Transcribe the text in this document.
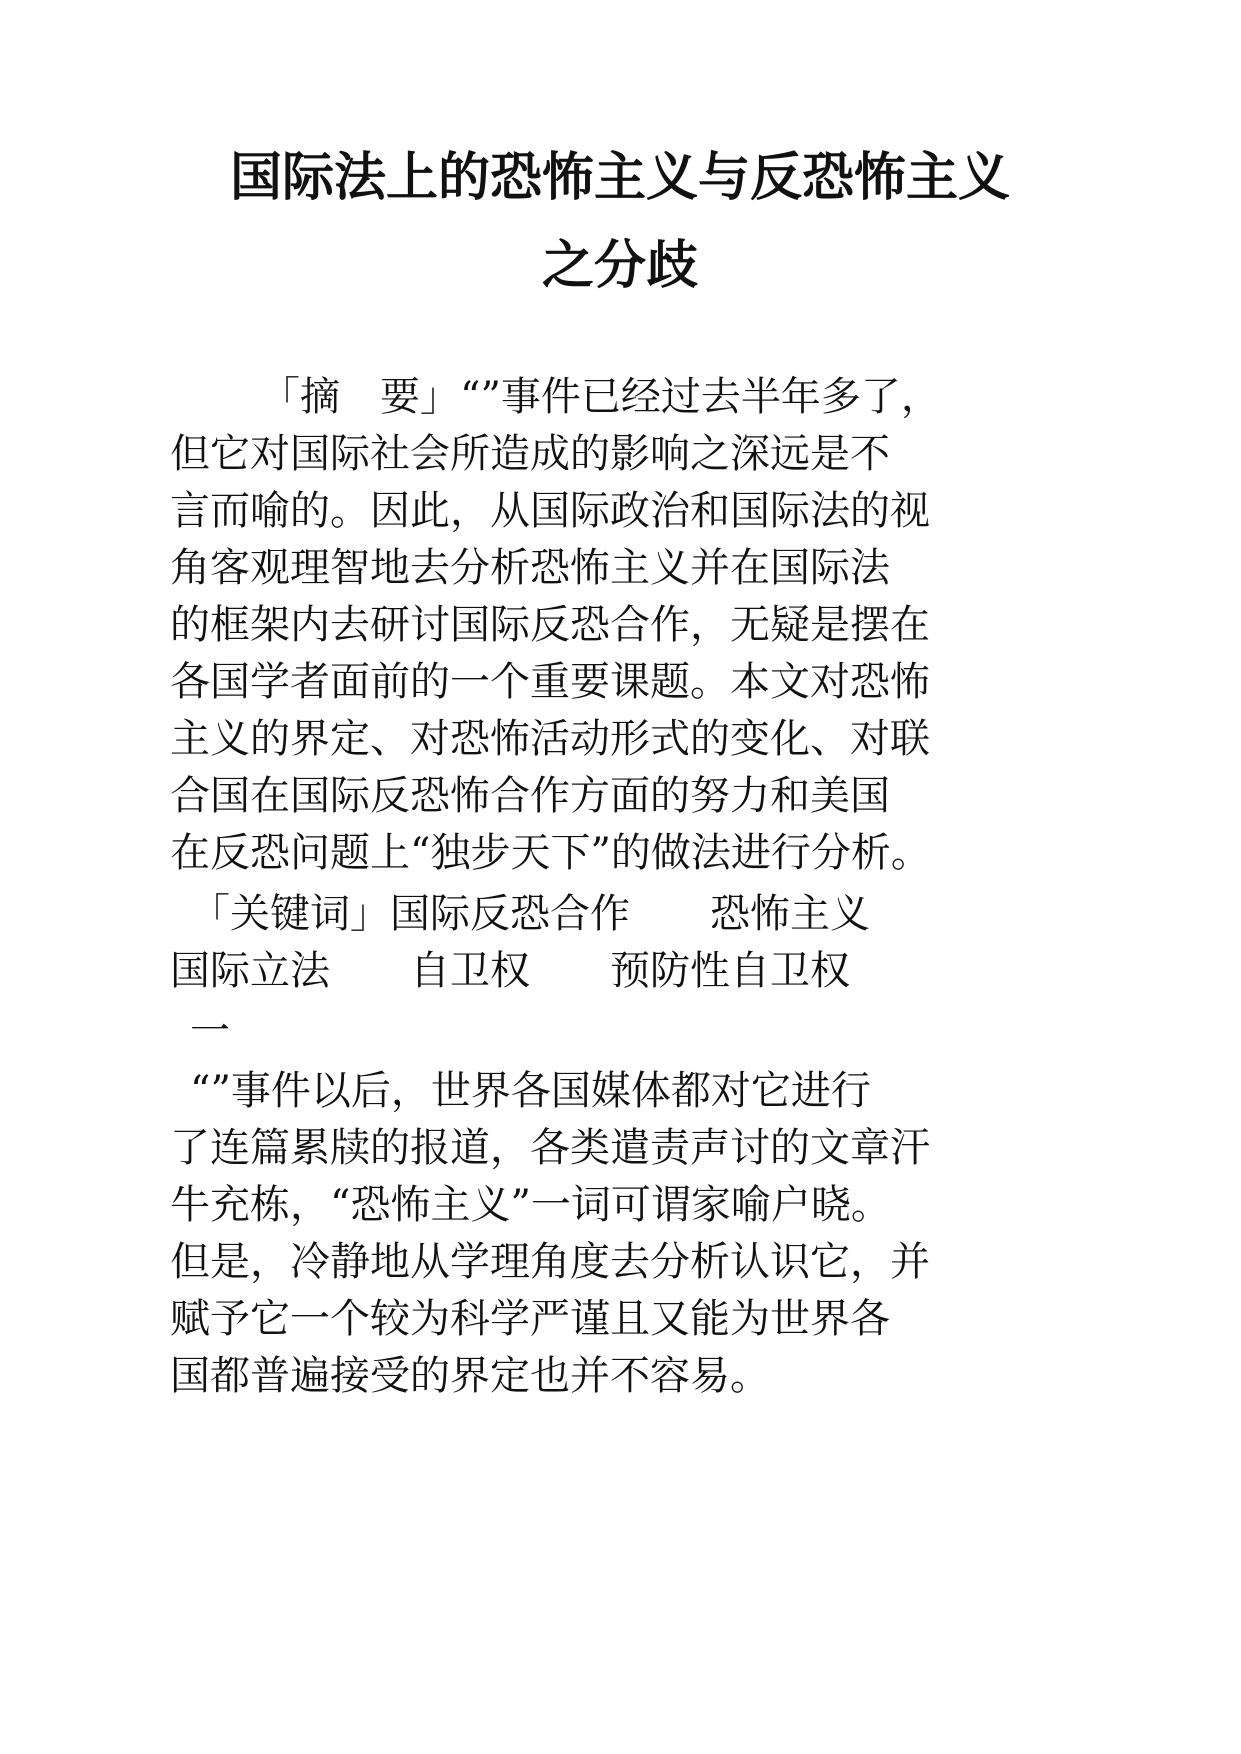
国际法上的恐怖主义与反恐怖主义
之分歧
「摘　要」“”事件已经过去半年多了，
但它对国际社会所造成的影响之深远是不
言而喻的。因此，从国际政治和国际法的视
角客观理智地去分析恐怖主义并在国际法
的框架内去研讨国际反恐合作，无疑是摆在
各国学者面前的一个重要课题。本文对恐怖
主义的界定、对恐怖活动形式的变化、对联
合国在国际反恐怖合作方面的努力和美国
在反恐问题上“独步天下”的做法进行分析。
「关键词」国际反恐合作　　恐怖主义
国际立法　　自卫权　　预防性自卫权
一
“”事件以后，世界各国媒体都对它进行
了连篇累牍的报道，各类遣责声讨的文章汗
牛充栋，“恐怖主义”一词可谓家喻户晓。
但是，冷静地从学理角度去分析认识它，并
赋予它一个较为科学严谨且又能为世界各
国都普遍接受的界定也并不容易。
